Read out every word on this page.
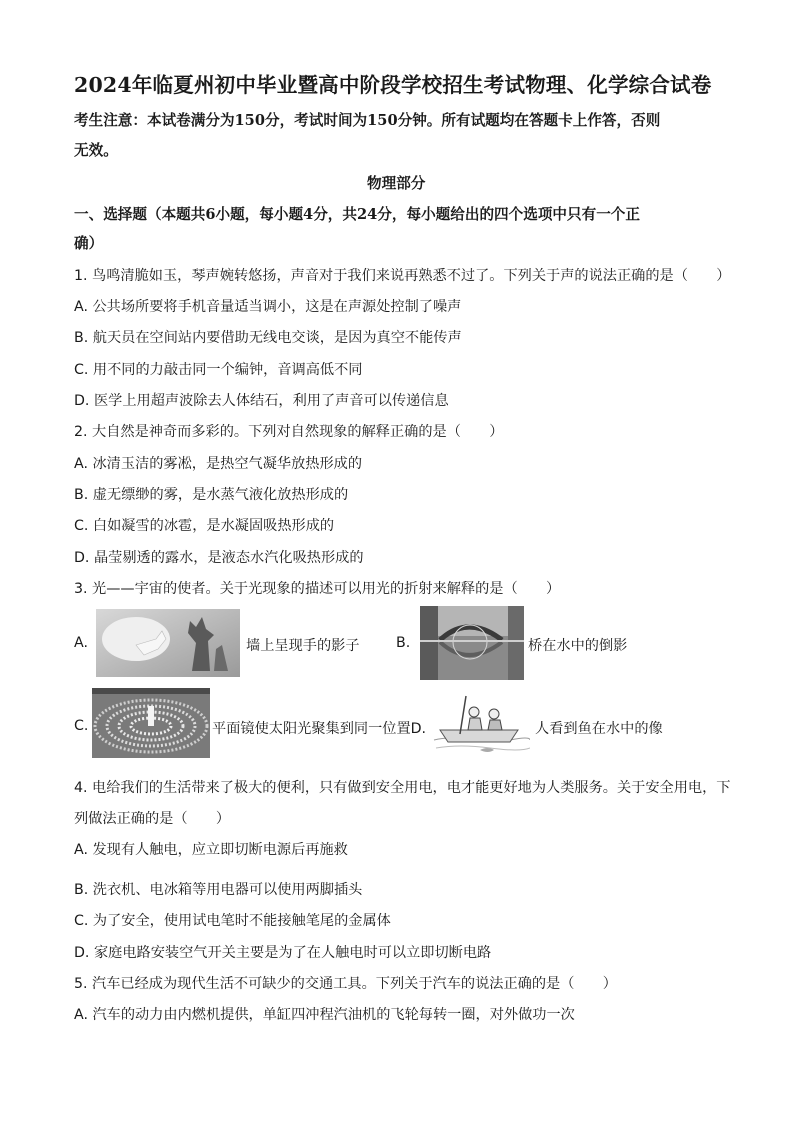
2024年临夏州初中毕业暨高中阶段学校招生考试物理、化学综合试卷
考生注意：本试卷满分为150分，考试时间为150分钟。所有试题均在答题卡上作答，否则
无效。
物理部分
一、选择题（本题共6小题，每小题4分，共24分，每小题给出的四个选项中只有一个正
确）
1. 鸟鸣清脆如玉，琴声婉转悠扬，声音对于我们来说再熟悉不过了。下列关于声的说法正确的是（　　）
A. 公共场所要将手机音量适当调小，这是在声源处控制了噪声
B. 航天员在空间站内要借助无线电交谈，是因为真空不能传声
C. 用不同的力敲击同一个编钟，音调高低不同
D. 医学上用超声波除去人体结石，利用了声音可以传递信息
2. 大自然是神奇而多彩的。下列对自然现象的解释正确的是（　　）
A. 冰清玉洁的雾凇，是热空气凝华放热形成的
B. 虚无缥缈的雾，是水蒸气液化放热形成的
C. 白如凝雪的冰雹，是水凝固吸热形成的
D. 晶莹剔透的露水，是液态水汽化吸热形成的
3. 光——宇宙的使者。关于光现象的描述可以用光的折射来解释的是（　　）
A.	墙上呈现手的影子	B.	桥在水中的倒影
C.	平面镜使太阳光聚集到同一位置D.	人看到鱼在水中的像
4. 电给我们的生活带来了极大的便利，只有做到安全用电，电才能更好地为人类服务。关于安全用电，下
列做法正确的是（　　）
A. 发现有人触电，应立即切断电源后再施救
B. 洗衣机、电冰箱等用电器可以使用两脚插头
C. 为了安全，使用试电笔时不能接触笔尾的金属体
D. 家庭电路安装空气开关主要是为了在人触电时可以立即切断电路
5. 汽车已经成为现代生活不可缺少的交通工具。下列关于汽车的说法正确的是（　　）
A. 汽车的动力由内燃机提供，单缸四冲程汽油机的飞轮每转一圈，对外做功一次
